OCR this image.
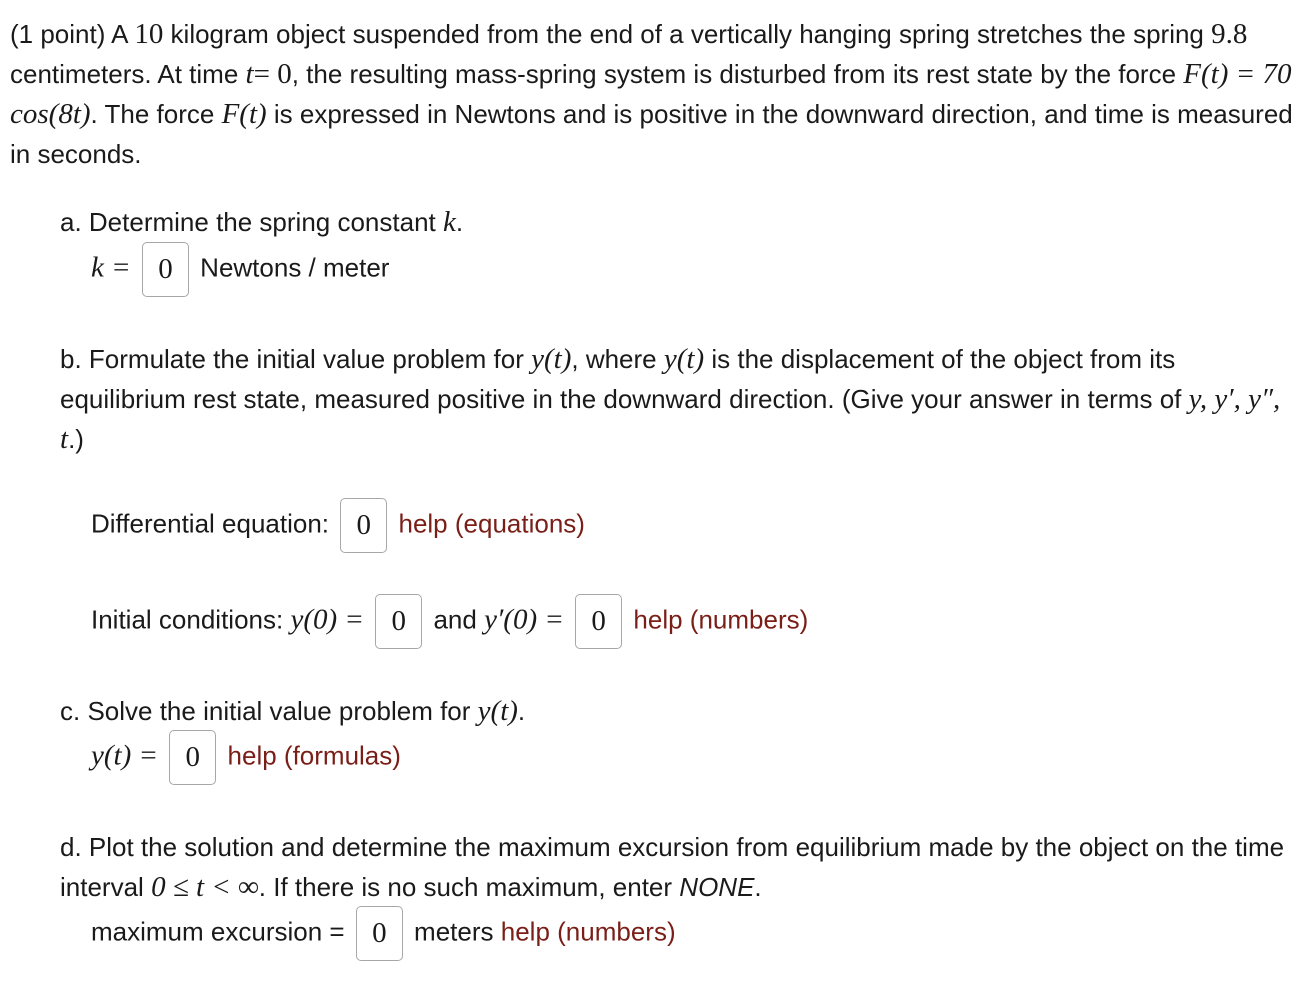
(1 point) A 10 kilogram object suspended from the end of a vertically hanging spring stretches the spring 9.8 centimeters. At time t= 0, the resulting mass-spring system is disturbed from its rest state by the force F(t) = 70 cos(8t). The force F(t) is expressed in Newtons and is positive in the downward direction, and time is measured in seconds.
a. Determine the spring constant k.
k = 0 Newtons / meter
b. Formulate the initial value problem for y(t), where y(t) is the displacement of the object from its equilibrium rest state, measured positive in the downward direction. (Give your answer in terms of y, y′, y″, t.)
Differential equation: 0 help (equations)
Initial conditions: y(0) = 0 and y′(0) = 0 help (numbers)
c. Solve the initial value problem for y(t).
y(t) = 0 help (formulas)
d. Plot the solution and determine the maximum excursion from equilibrium made by the object on the time interval 0 ≤ t < ∞. If there is no such maximum, enter NONE.
maximum excursion = 0 meters help (numbers)
